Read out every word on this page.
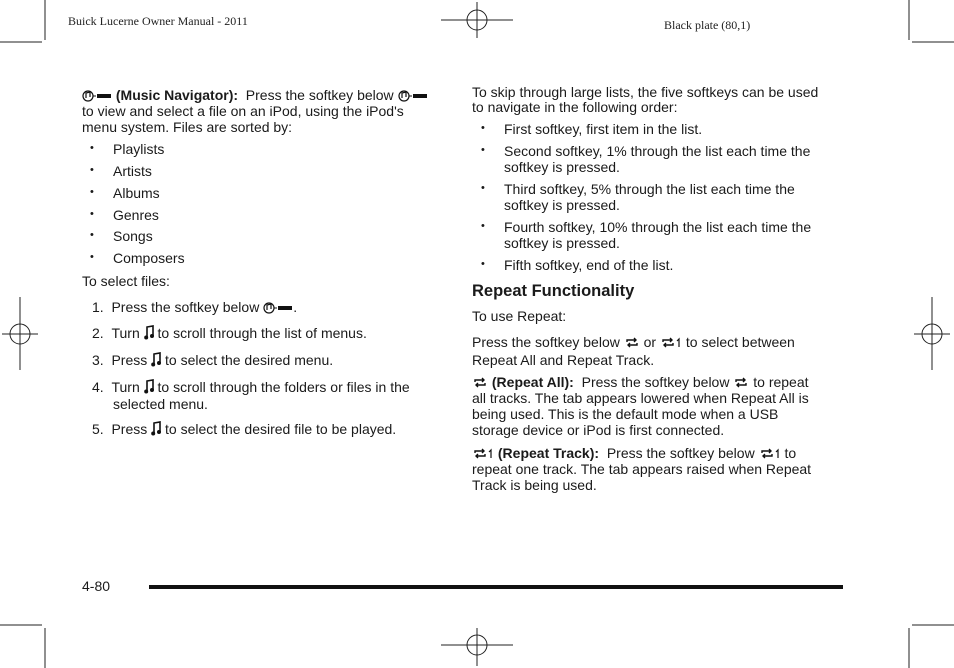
Buick Lucerne Owner Manual - 2011	Black plate (80,1)
(Music Navigator): Press the softkey below
to view and select a file on an iPod, using the iPod's
menu system. Files are sorted by:
• Playlists
• Artists
• Albums
• Genres
• Songs
• Composers
To select files:
1. Press the softkey below .
2. Turn to scroll through the list of menus.
3. Press to select the desired menu.
4. Turn to scroll through the folders or files in the
selected menu.
5. Press to select the desired file to be played.
To skip through large lists, the five softkeys can be used
to navigate in the following order:
• First softkey, first item in the list.
• Second softkey, 1% through the list each time the
softkey is pressed.
• Third softkey, 5% through the list each time the
softkey is pressed.
• Fourth softkey, 10% through the list each time the
softkey is pressed.
• Fifth softkey, end of the list.
Repeat Functionality
To use Repeat:
Press the softkey below or to select between
Repeat All and Repeat Track.
(Repeat All): Press the softkey below to repeat
all tracks. The tab appears lowered when Repeat All is
being used. This is the default mode when a USB
storage device or iPod is first connected.
(Repeat Track): Press the softkey below to
repeat one track. The tab appears raised when Repeat
Track is being used.
4-80
